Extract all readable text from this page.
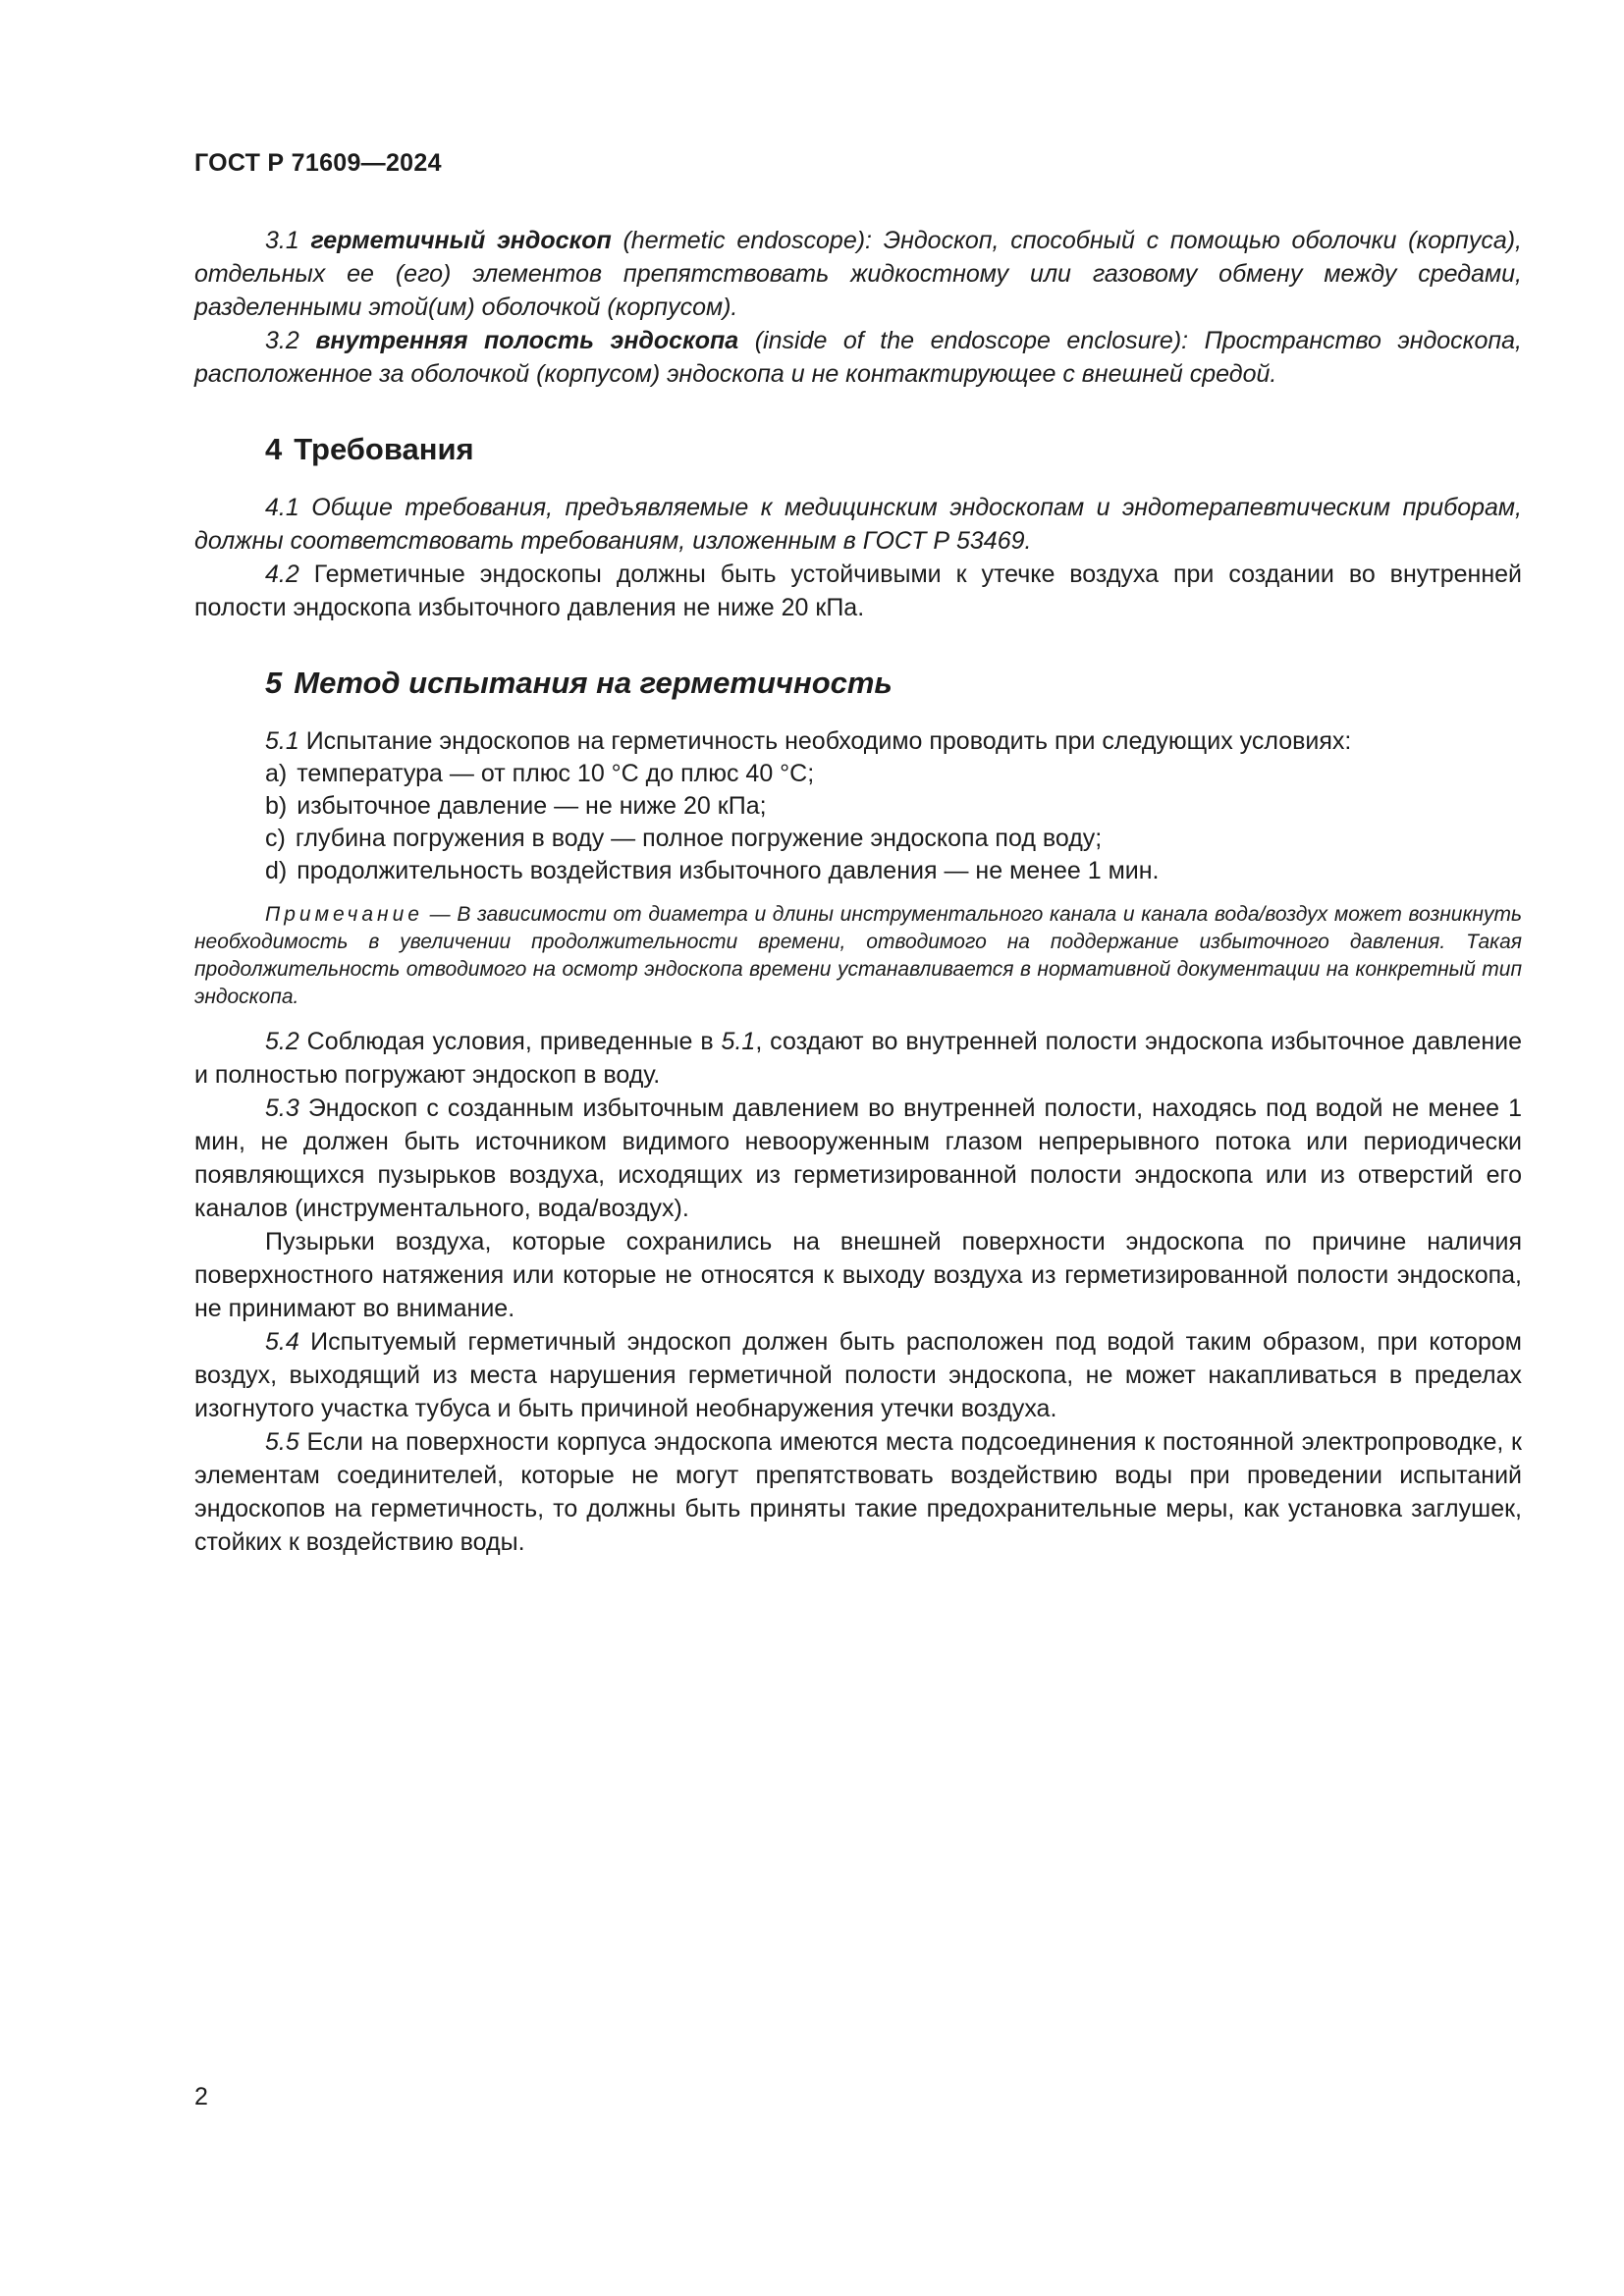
ГОСТ Р 71609—2024

3.1 герметичный эндоскоп (hermetic endoscope): Эндоскоп, способный с помощью оболочки (корпуса), отдельных ее (его) элементов препятствовать жидкостному или газовому обмену между средами, разделенными этой(им) оболочкой (корпусом).

3.2 внутренняя полость эндоскопа (inside of the endoscope enclosure): Пространство эндоскопа, расположенное за оболочкой (корпусом) эндоскопа и не контактирующее с внешней средой.

4 Требования

4.1 Общие требования, предъявляемые к медицинским эндоскопам и эндотерапевтическим приборам, должны соответствовать требованиям, изложенным в ГОСТ Р 53469.

4.2 Герметичные эндоскопы должны быть устойчивыми к утечке воздуха при создании во внутренней полости эндоскопа избыточного давления не ниже 20 кПа.

5 Метод испытания на герметичность

5.1 Испытание эндоскопов на герметичность необходимо проводить при следующих условиях:

a) температура — от плюс 10 °С до плюс 40 °С;
b) избыточное давление — не ниже 20 кПа;
c) глубина погружения в воду — полное погружение эндоскопа под воду;
d) продолжительность воздействия избыточного давления — не менее 1 мин.

Примечание — В зависимости от диаметра и длины инструментального канала и канала вода/воздух может возникнуть необходимость в увеличении продолжительности времени, отводимого на поддержание избыточного давления. Такая продолжительность отводимого на осмотр эндоскопа времени устанавливается в нормативной документации на конкретный тип эндоскопа.

5.2 Соблюдая условия, приведенные в 5.1, создают во внутренней полости эндоскопа избыточное давление и полностью погружают эндоскоп в воду.

5.3 Эндоскоп с созданным избыточным давлением во внутренней полости, находясь под водой не менее 1 мин, не должен быть источником видимого невооруженным глазом непрерывного потока или периодически появляющихся пузырьков воздуха, исходящих из герметизированной полости эндоскопа или из отверстий его каналов (инструментального, вода/воздух).

Пузырьки воздуха, которые сохранились на внешней поверхности эндоскопа по причине наличия поверхностного натяжения или которые не относятся к выходу воздуха из герметизированной полости эндоскопа, не принимают во внимание.

5.4 Испытуемый герметичный эндоскоп должен быть расположен под водой таким образом, при котором воздух, выходящий из места нарушения герметичной полости эндоскопа, не может накапливаться в пределах изогнутого участка тубуса и быть причиной необнаружения утечки воздуха.

5.5 Если на поверхности корпуса эндоскопа имеются места подсоединения к постоянной электропроводке, к элементам соединителей, которые не могут препятствовать воздействию воды при проведении испытаний эндоскопов на герметичность, то должны быть приняты такие предохранительные меры, как установка заглушек, стойких к воздействию воды.

2
